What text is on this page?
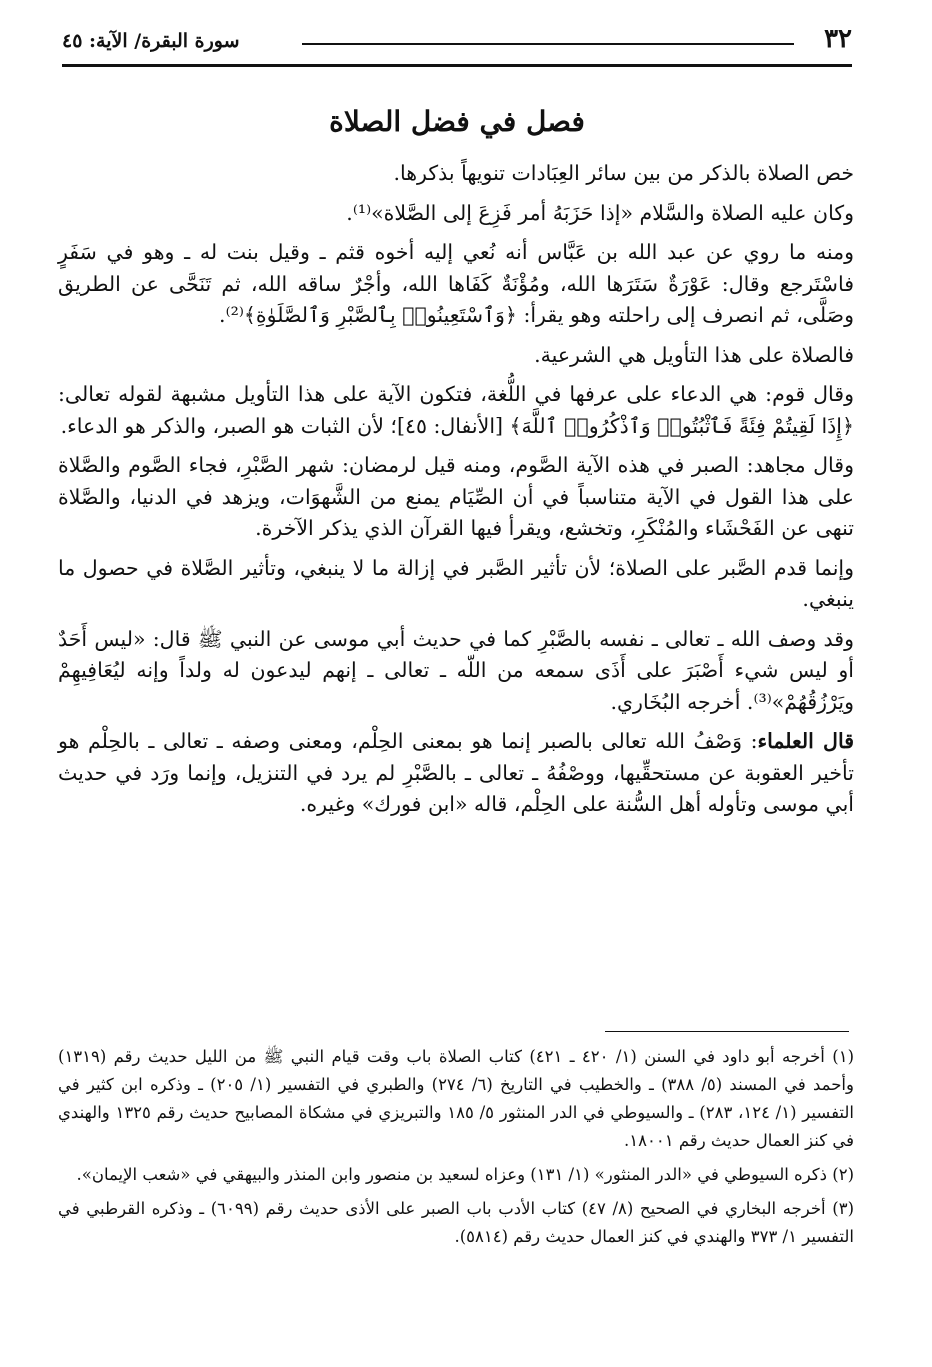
٣٢
سورة البقرة/ الآية: ٤٥
فصل في فضل الصلاة

خص الصلاة بالذكر من بين سائر العِبَادات تنويهاً بذكرها.

وكان عليه الصلاة والسَّلام «إذا حَزَبَهُ أمر فَزِعَ إلى الصَّلاة»⁽¹⁾.

ومنه ما روي عن عبد الله بن عَبَّاس أنه نُعي إليه أخوه قثم ـ وقيل بنت له ـ وهو في سَفَرٍ فاسْتَرجع وقال: عَوْرَةٌ سَتَرَها الله، ومُؤْنَةٌ كَفَاها الله، وأجْرٌ ساقه الله، ثم تَنَحَّى عن الطريق وصَلَّى، ثم انصرف إلى راحلته وهو يقرأ: ﴿وَٱسْتَعِينُوا۟ بِٱلصَّبْرِ وَٱلصَّلَوٰةِ﴾⁽²⁾.

فالصلاة على هذا التأويل هي الشرعية.

وقال قوم: هي الدعاء على عرفها في اللُّغة، فتكون الآية على هذا التأويل مشبهة لقوله تعالى: ﴿إِذَا لَقِيتُمْ فِئَةً فَٱثْبُتُوا۟ وَٱذْكُرُوا۟ ٱللَّهَ﴾ [الأنفال: ٤٥]؛ لأن الثبات هو الصبر، والذكر هو الدعاء.

وقال مجاهد: الصبر في هذه الآية الصَّوم، ومنه قيل لرمضان: شهر الصَّبْرِ، فجاء الصَّوم والصَّلاة على هذا القول في الآية متناسباً في أن الصِّيَام يمنع من الشَّهوَات، ويزهد في الدنيا، والصَّلاة تنهى عن الفَحْشَاء والمُنْكَرِ، وتخشع، ويقرأ فيها القرآن الذي يذكر الآخرة.

وإنما قدم الصَّبر على الصلاة؛ لأن تأثير الصَّبر في إزالة ما لا ينبغي، وتأثير الصَّلاة في حصول ما ينبغي.

وقد وصف الله ـ تعالى ـ نفسه بالصَّبْرِ كما في حديث أبي موسى عن النبي ﷺ قال: «ليس أَحَدٌ أو ليس شيء أَصْبَرَ على أَذَى سمعه من اللّه ـ تعالى ـ إنهم ليدعون له ولداً وإنه ليُعَافِيهِمْ ويَرْزُقُهُمْ»⁽³⁾. أخرجه البُخَاري.

قال العلماء: وَصْفُ الله تعالى بالصبر إنما هو بمعنى الحِلْم، ومعنى وصفه ـ تعالى ـ بالحِلْم هو تأخير العقوبة عن مستحقِّيها، ووصْفُهُ ـ تعالى ـ بالصَّبْرِ لم يرد في التنزيل، وإنما ورَد في حديث أبي موسى وتأوله أهل السُّنة على الحِلْم، قاله «ابن فورك» وغيره.

(١) أخرجه أبو داود في السنن (١/ ٤٢٠ ـ ٤٢١) كتاب الصلاة باب وقت قيام النبي ﷺ من الليل حديث رقم (١٣١٩) وأحمد في المسند (٥/ ٣٨٨) ـ والخطيب في التاريخ (٦/ ٢٧٤) والطبري في التفسير (١/ ٢٠٥) ـ وذكره ابن كثير في التفسير (١/ ١٢٤، ٢٨٣) ـ والسيوطي في الدر المنثور ٥/ ١٨٥ والتبريزي في مشكاة المصابيح حديث رقم ١٣٢٥ والهندي في كنز العمال حديث رقم ١٨٠٠١.

(٢) ذكره السيوطي في «الدر المنثور» (١/ ١٣١) وعزاه لسعيد بن منصور وابن المنذر والبيهقي في «شعب الإيمان».

(٣) أخرجه البخاري في الصحيح (٨/ ٤٧) كتاب الأدب باب الصبر على الأذى حديث رقم (٦٠٩٩) ـ وذكره القرطبي في التفسير ١/ ٣٧٣ والهندي في كنز العمال حديث رقم (٥٨١٤).
